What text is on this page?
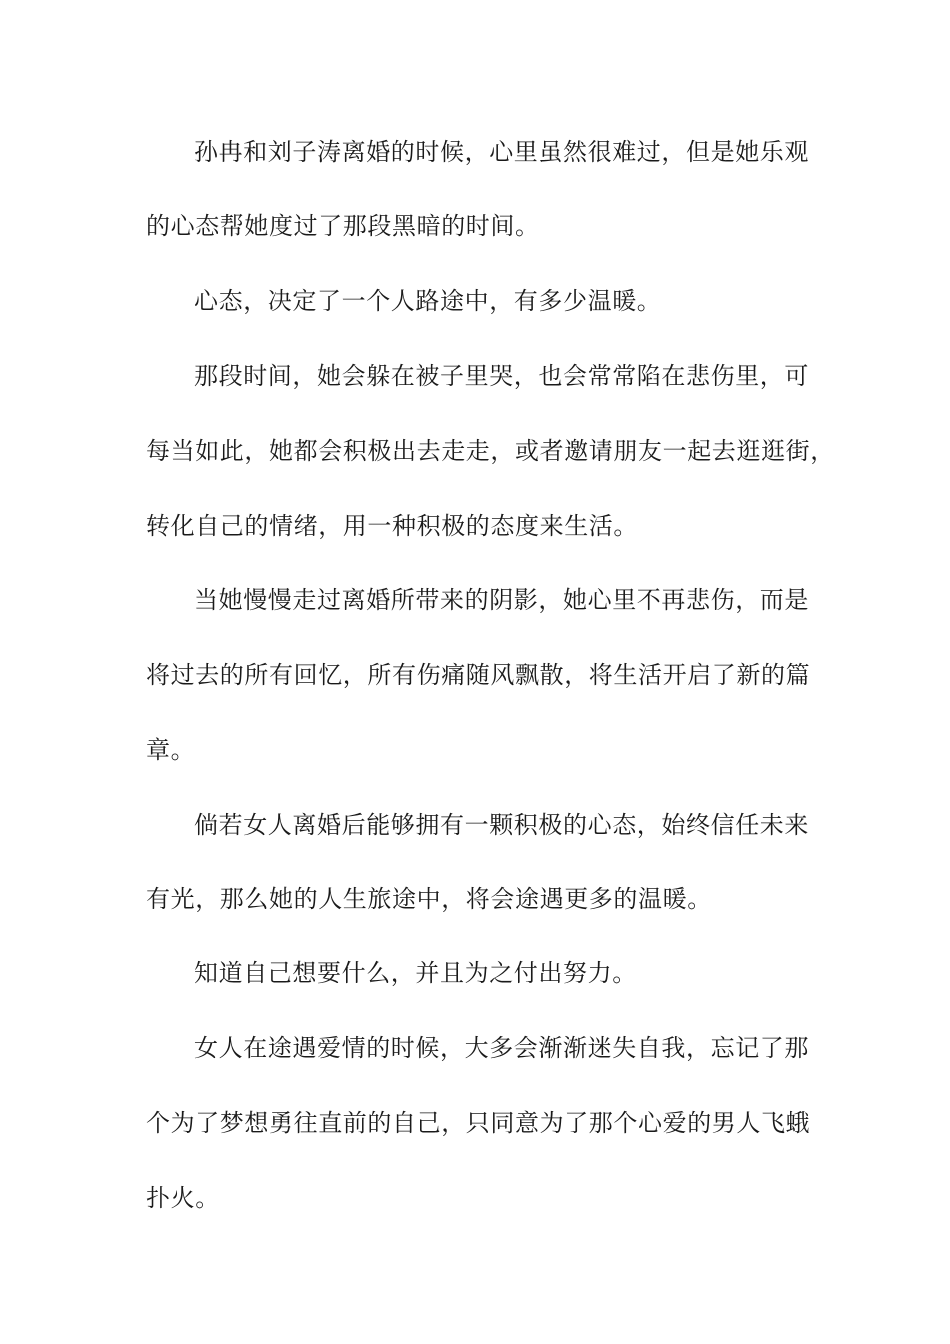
孙冉和刘子涛离婚的时候，心里虽然很难过，但是她乐观
的心态帮她度过了那段黑暗的时间。
心态，决定了一个人路途中，有多少温暖。
那段时间，她会躲在被子里哭，也会常常陷在悲伤里，可
每当如此，她都会积极出去走走，或者邀请朋友一起去逛逛街，
转化自己的情绪，用一种积极的态度来生活。
当她慢慢走过离婚所带来的阴影，她心里不再悲伤，而是
将过去的所有回忆，所有伤痛随风飘散，将生活开启了新的篇
章。
倘若女人离婚后能够拥有一颗积极的心态，始终信任未来
有光，那么她的人生旅途中，将会途遇更多的温暖。
知道自己想要什么，并且为之付出努力。
女人在途遇爱情的时候，大多会渐渐迷失自我，忘记了那
个为了梦想勇往直前的自己，只同意为了那个心爱的男人飞蛾
扑火。
